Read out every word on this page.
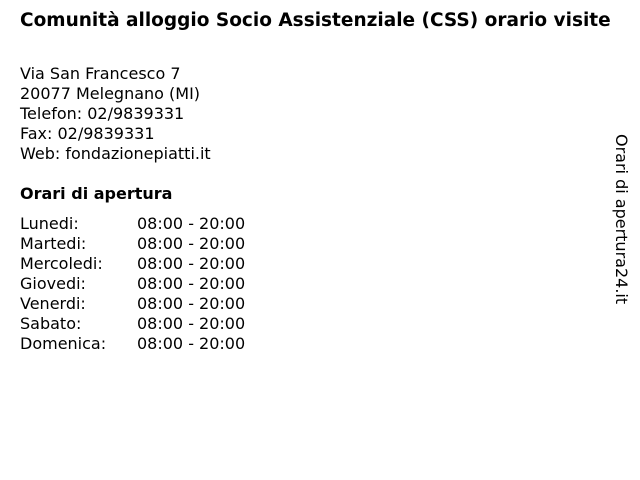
Comunità alloggio Socio Assistenziale (CSS) orario visite
Via San Francesco 7
20077 Melegnano (MI)
Telefon: 02/9839331
Fax: 02/9839331
Web: fondazionepiatti.it
Orari di apertura
Lunedi:	08:00 - 20:00
Martedi:	08:00 - 20:00
Mercoledi:	08:00 - 20:00
Giovedi:	08:00 - 20:00
Venerdi:	08:00 - 20:00
Sabato:	08:00 - 20:00
Domenica:	08:00 - 20:00
Orari di apertura24.it
